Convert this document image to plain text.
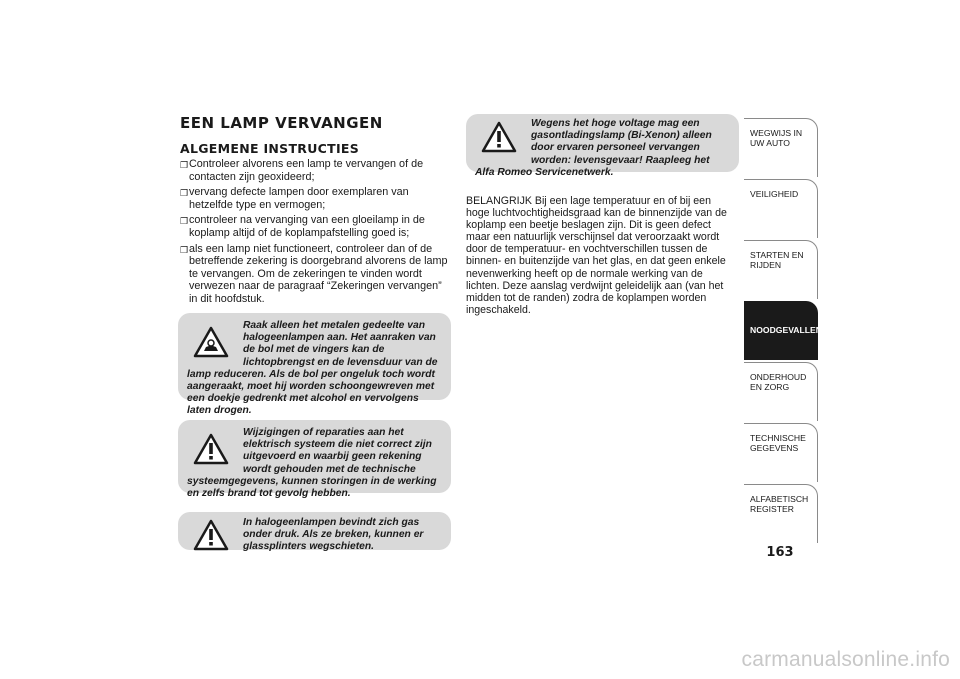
EEN LAMP VERVANGEN
ALGEMENE INSTRUCTIES
❒ Controleer alvorens een lamp te vervangen of de contacten zijn geoxideerd;
❒ vervang defecte lampen door exemplaren van hetzelfde type en vermogen;
❒ controleer na vervanging van een gloeilamp in de koplamp altijd of de koplampafstelling goed is;
❒ als een lamp niet functioneert, controleer dan of de betreffende zekering is doorgebrand alvorens de lamp te vervangen. Om de zekeringen te vinden wordt verwezen naar de paragraaf “Zekeringen vervangen” in dit hoofdstuk.

Raak alleen het metalen gedeelte van halogeenlampen aan. Het aanraken van de bol met de vingers kan de lichtopbrengst en de levensduur van de lamp reduceren. Als de bol per ongeluk toch wordt aangeraakt, moet hij worden schoongewreven met een doekje gedrenkt met alcohol en vervolgens laten drogen.

Wijzigingen of reparaties aan het elektrisch systeem die niet correct zijn uitgevoerd en waarbij geen rekening wordt gehouden met de technische systeemgegevens, kunnen storingen in de werking en zelfs brand tot gevolg hebben.

In halogeenlampen bevindt zich gas onder druk. Als ze breken, kunnen er glassplinters wegschieten.

Wegens het hoge voltage mag een gasontladingslamp (Bi-Xenon) alleen door ervaren personeel vervangen worden: levensgevaar! Raapleeg het Alfa Romeo Servicenetwerk.

BELANGRIJK Bij een lage temperatuur en of bij een hoge luchtvochtigheidsgraad kan de binnenzijde van de koplamp een beetje beslagen zijn. Dit is geen defect maar een natuurlijk verschijnsel dat veroorzaakt wordt door de temperatuur- en vochtverschillen tussen de binnen- en buitenzijde van het glas, en dat geen enkele nevenwerking heeft op de normale werking van de lichten. Deze aanslag verdwijnt geleidelijk aan (van het midden tot de randen) zodra de koplampen worden ingeschakeld.

WEGWIJS IN UW AUTO
VEILIGHEID
STARTEN EN RIJDEN
NOODGEVALLEN
ONDERHOUD EN ZORG
TECHNISCHE GEGEVENS
ALFABETISCH REGISTER
163
carmanualsonline.info
